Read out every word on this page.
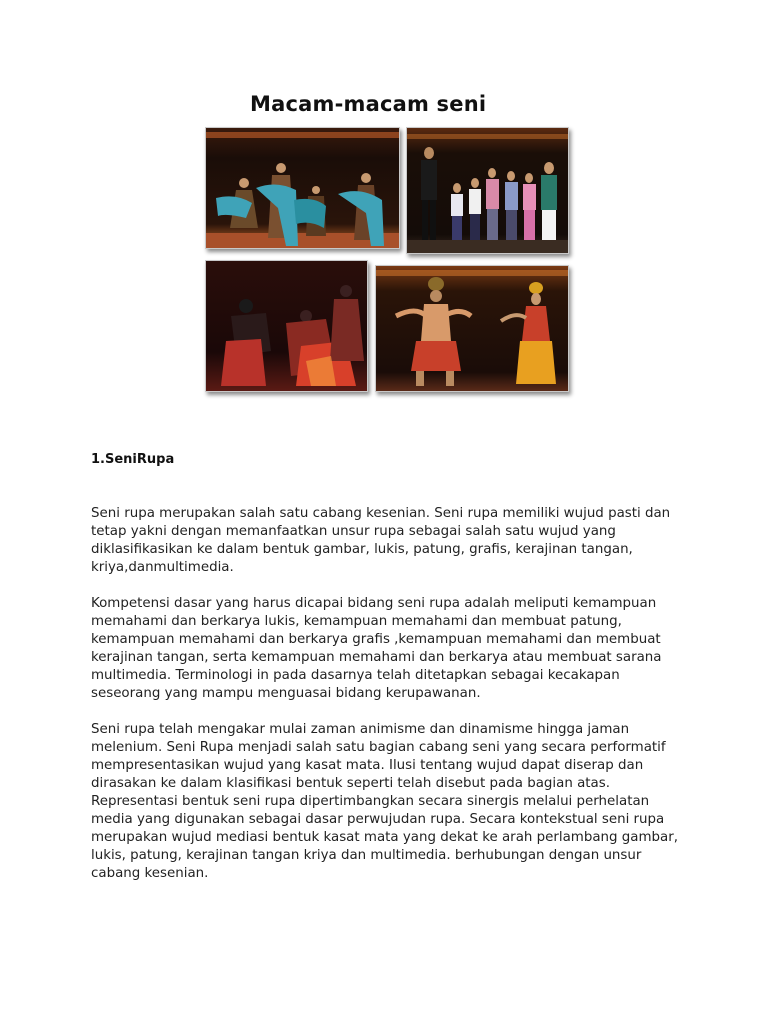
Macam-macam seni
1.SeniRupa

Seni rupa merupakan salah satu cabang kesenian. Seni rupa memiliki wujud pasti dan
tetap yakni dengan memanfaatkan unsur rupa sebagai salah satu wujud yang
diklasifikasikan ke dalam bentuk gambar, lukis, patung, grafis, kerajinan tangan,
kriya,danmultimedia.

Kompetensi dasar yang harus dicapai bidang seni rupa adalah meliputi kemampuan
memahami dan berkarya lukis, kemampuan memahami dan membuat patung,
kemampuan memahami dan berkarya grafis ,kemampuan memahami dan membuat
kerajinan tangan, serta kemampuan memahami dan berkarya atau membuat sarana
multimedia. Terminologi in pada dasarnya telah ditetapkan sebagai kecakapan
seseorang yang mampu menguasai bidang kerupawanan.

Seni rupa telah mengakar mulai zaman animisme dan dinamisme hingga jaman
melenium. Seni Rupa menjadi salah satu bagian cabang seni yang secara performatif
mempresentasikan wujud yang kasat mata. Ilusi tentang wujud dapat diserap dan
dirasakan ke dalam klasifikasi bentuk seperti telah disebut pada bagian atas.
Representasi bentuk seni rupa dipertimbangkan secara sinergis melalui perhelatan
media yang digunakan sebagai dasar perwujudan rupa. Secara kontekstual seni rupa
merupakan wujud mediasi bentuk kasat mata yang dekat ke arah perlambang gambar,
lukis, patung, kerajinan tangan kriya dan multimedia. berhubungan dengan unsur
cabang kesenian.
